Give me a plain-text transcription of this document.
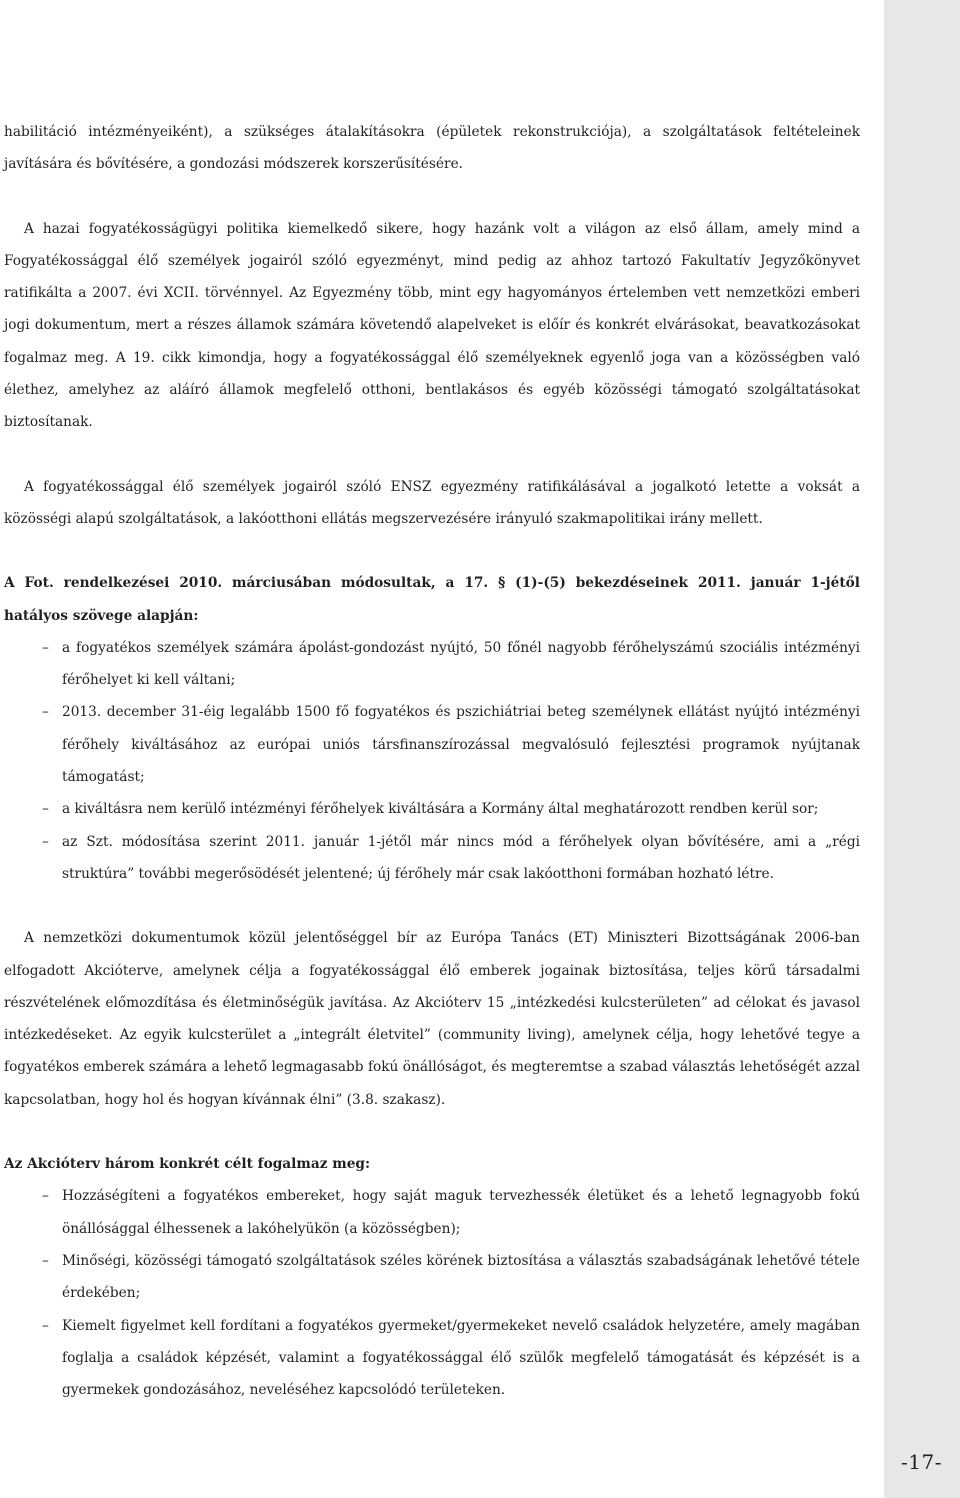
-17-

habilitáció intézményeiként), a szükséges átalakításokra (épületek rekonstrukciója), a szolgáltatások feltételeinek javítására és bővítésére, a gondozási módszerek korszerűsítésére.

A hazai fogyatékosságügyi politika kiemelkedő sikere, hogy hazánk volt a világon az első állam, amely mind a Fogyatékossággal élő személyek jogairól szóló egyezményt, mind pedig az ahhoz tartozó Fakultatív Jegyzőkönyvet ratifikálta a 2007. évi XCII. törvénnyel. Az Egyezmény több, mint egy hagyományos értelemben vett nemzetközi emberi jogi dokumentum, mert a részes államok számára követendő alapelveket is előír és konkrét elvárásokat, beavatkozásokat fogalmaz meg. A 19. cikk kimondja, hogy a fogyatékossággal élő személyeknek egyenlő joga van a közösségben való élethez, amelyhez az aláíró államok megfelelő otthoni, bentlakásos és egyéb közösségi támogató szolgáltatásokat biztosítanak.

A fogyatékossággal élő személyek jogairól szóló ENSZ egyezmény ratifikálásával a jogalkotó letette a voksát a közösségi alapú szolgáltatások, a lakóotthoni ellátás megszervezésére irányuló szakmapolitikai irány mellett.

A Fot. rendelkezései 2010. márciusában módosultak, a 17. § (1)-(5) bekezdéseinek 2011. január 1-jétől hatályos szövege alapján:

– a fogyatékos személyek számára ápolást-gondozást nyújtó, 50 főnél nagyobb férőhelyszámú szociális intézményi férőhelyet ki kell váltani;
– 2013. december 31-éig legalább 1500 fő fogyatékos és pszichiátriai beteg személynek ellátást nyújtó intézményi férőhely kiváltásához az európai uniós társfinanszírozással megvalósuló fejlesztési programok nyújtanak támogatást;
– a kiváltásra nem kerülő intézményi férőhelyek kiváltására a Kormány által meghatározott rendben kerül sor;
– az Szt. módosítása szerint 2011. január 1-jétől már nincs mód a férőhelyek olyan bővítésére, ami a „régi struktúra” további megerősödését jelentené; új férőhely már csak lakóotthoni formában hozható létre.

A nemzetközi dokumentumok közül jelentőséggel bír az Európa Tanács (ET) Miniszteri Bizottságának 2006-ban elfogadott Akcióterve, amelynek célja a fogyatékossággal élő emberek jogainak biztosítása, teljes körű társadalmi részvételének előmozdítása és életminőségük javítása. Az Akcióterv 15 „intézkedési kulcsterületen” ad célokat és javasol intézkedéseket. Az egyik kulcsterület a „integrált életvitel” (community living), amelynek célja, hogy lehetővé tegye a fogyatékos emberek számára a lehető legmagasabb fokú önállóságot, és megteremtse a szabad választás lehetőségét azzal kapcsolatban, hogy hol és hogyan kívánnak élni” (3.8. szakasz).

Az Akcióterv három konkrét célt fogalmaz meg:

– Hozzáségíteni a fogyatékos embereket, hogy saját maguk tervezhessék életüket és a lehető legnagyobb fokú önállósággal élhessenek a lakóhelyükön (a közösségben);
– Minőségi, közösségi támogató szolgáltatások széles körének biztosítása a választás szabadságának lehetővé tétele érdekében;
– Kiemelt figyelmet kell fordítani a fogyatékos gyermeket/gyermekeket nevelő családok helyzetére, amely magában foglalja a családok képzését, valamint a fogyatékossággal élő szülők megfelelő támogatását és képzését is a gyermekek gondozásához, neveléséhez kapcsolódó területeken.
